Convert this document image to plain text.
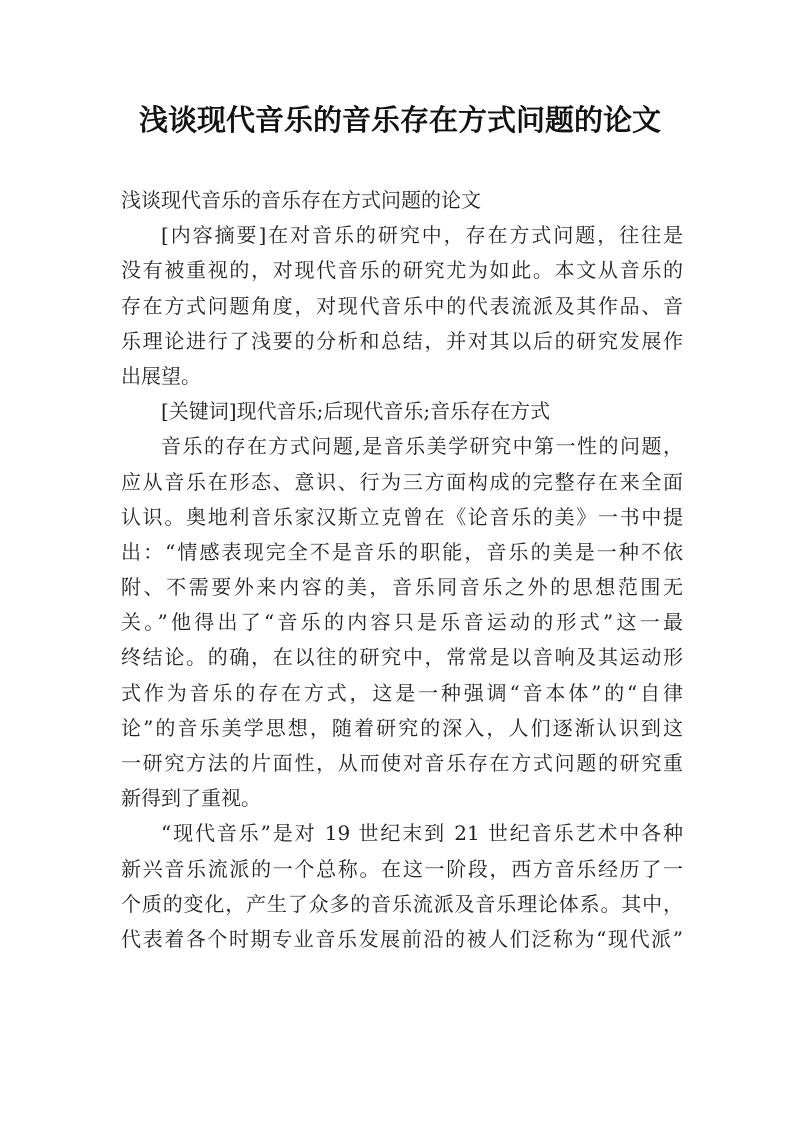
浅谈现代音乐的音乐存在方式问题的论文
浅谈现代音乐的音乐存在方式问题的论文
[内容摘要]在对音乐的研究中，存在方式问题，往往是
没有被重视的，对现代音乐的研究尤为如此。本文从音乐的
存在方式问题角度，对现代音乐中的代表流派及其作品、音
乐理论进行了浅要的分析和总结，并对其以后的研究发展作
出展望。
[关键词]现代音乐;后现代音乐;音乐存在方式
音乐的存在方式问题,是音乐美学研究中第一性的问题，
应从音乐在形态、意识、行为三方面构成的完整存在来全面
认识。奥地利音乐家汉斯立克曾在《论音乐的美》一书中提
出：“情感表现完全不是音乐的职能，音乐的美是一种不依
附、不需要外来内容的美，音乐同音乐之外的思想范围无
关。”他得出了“音乐的内容只是乐音运动的形式”这一最
终结论。的确，在以往的研究中，常常是以音响及其运动形
式作为音乐的存在方式，这是一种强调“音本体”的“自律
论”的音乐美学思想，随着研究的深入，人们逐渐认识到这
一研究方法的片面性，从而使对音乐存在方式问题的研究重
新得到了重视。
“现代音乐”是对 19 世纪末到 21 世纪音乐艺术中各种
新兴音乐流派的一个总称。在这一阶段，西方音乐经历了一
个质的变化，产生了众多的音乐流派及音乐理论体系。其中，
代表着各个时期专业音乐发展前沿的被人们泛称为“现代派”
